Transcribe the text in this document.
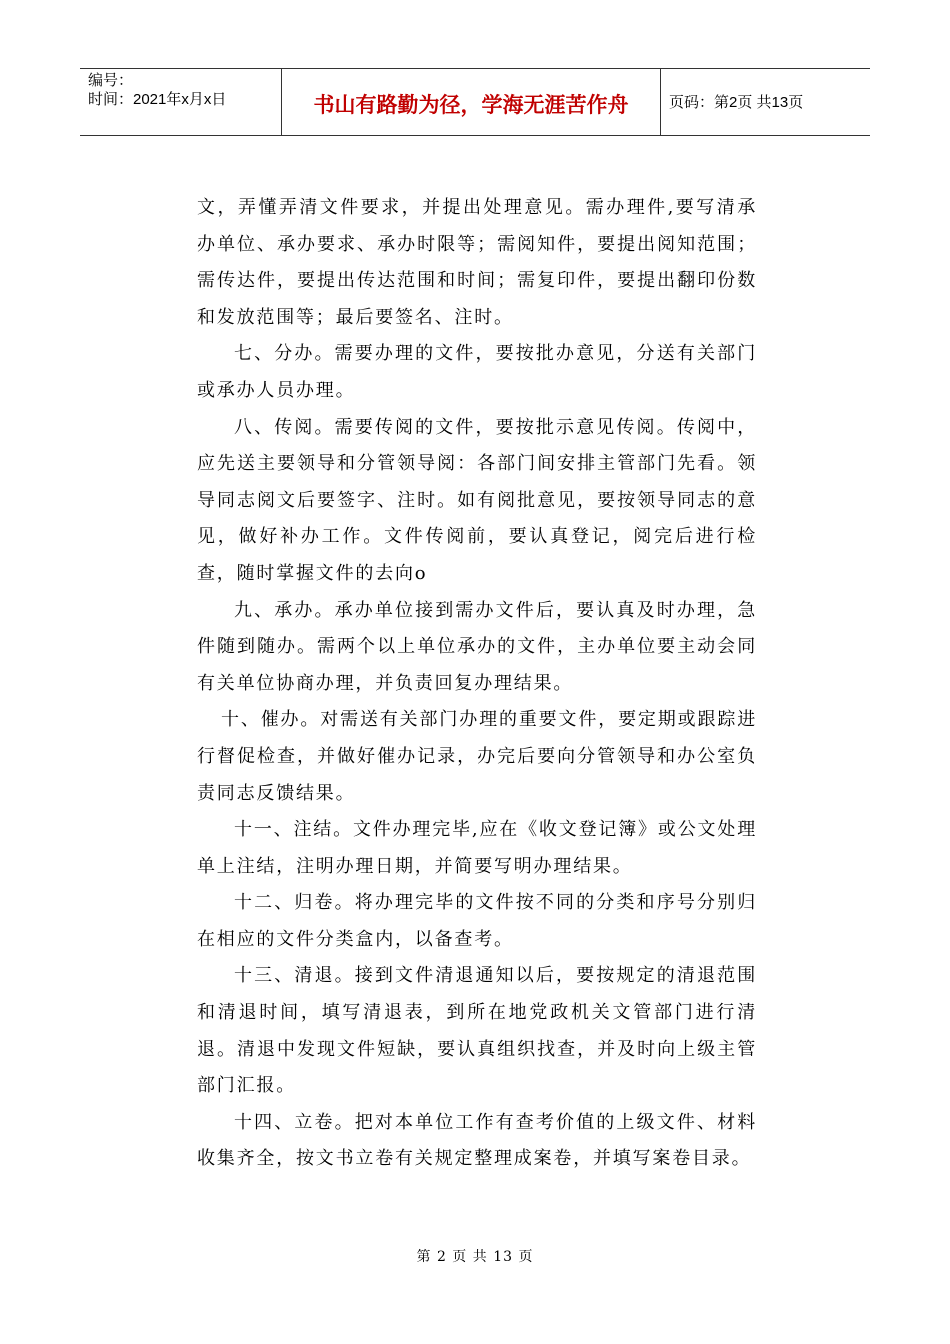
编号：
时间：2021年x月x日	书山有路勤为径，学海无涯苦作舟	页码：第2页 共13页

文，弄懂弄清文件要求，并提出处理意见。需办理件,要写清承办单位、承办要求、承办时限等；需阅知件，要提出阅知范围；需传达件，要提出传达范围和时间；需复印件，要提出翻印份数和发放范围等；最后要签名、注时。

七、分办。需要办理的文件，要按批办意见，分送有关部门或承办人员办理。

八、传阅。需要传阅的文件，要按批示意见传阅。传阅中，应先送主要领导和分管领导阅：各部门间安排主管部门先看。领导同志阅文后要签字、注时。如有阅批意见，要按领导同志的意见，做好补办工作。文件传阅前，要认真登记，阅完后进行检查，随时掌握文件的去向o

九、承办。承办单位接到需办文件后，要认真及时办理，急件随到随办。需两个以上单位承办的文件，主办单位要主动会同有关单位协商办理，并负责回复办理结果。

十、催办。对需送有关部门办理的重要文件，要定期或跟踪进行督促检查，并做好催办记录，办完后要向分管领导和办公室负责同志反馈结果。

十一、注结。文件办理完毕,应在《收文登记簿》或公文处理单上注结，注明办理日期，并简要写明办理结果。

十二、归卷。将办理完毕的文件按不同的分类和序号分别归在相应的文件分类盒内，以备查考。

十三、清退。接到文件清退通知以后，要按规定的清退范围和清退时间，填写清退表，到所在地党政机关文管部门进行清退。清退中发现文件短缺，要认真组织找查，并及时向上级主管部门汇报。

十四、立卷。把对本单位工作有查考价值的上级文件、材料收集齐全，按文书立卷有关规定整理成案卷，并填写案卷目录。

第 2 页 共 13 页
